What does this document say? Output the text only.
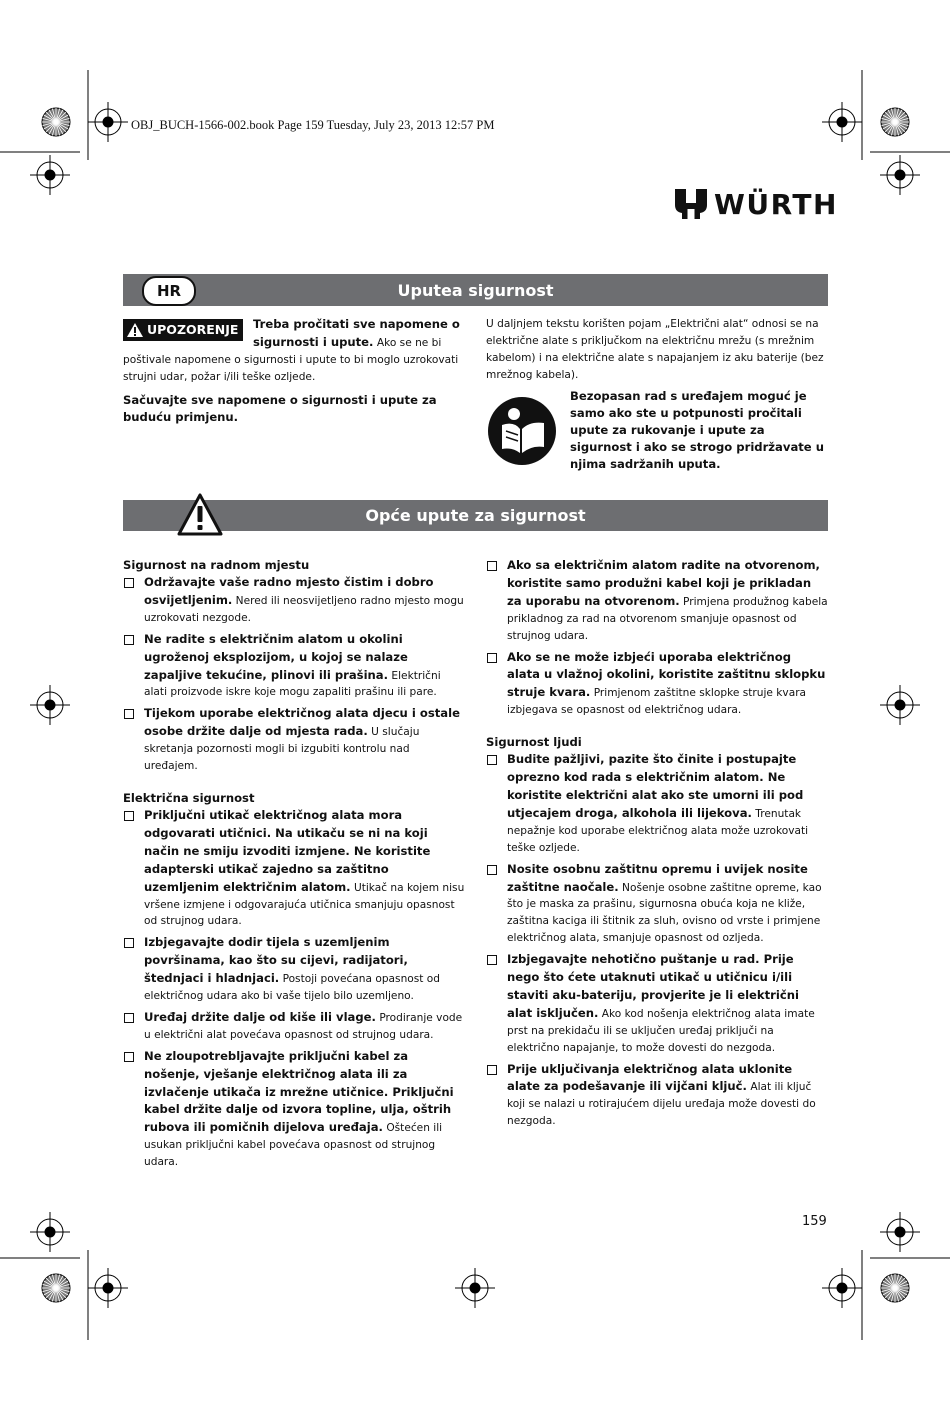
OBJ_BUCH-1566-002.book Page 159 Tuesday, July 23, 2013 12:57 PM
WÜRTH
Uputea sigurnost
HR
UPOZORENJE Treba pročitati sve napomene o sigurnosti i upute. Ako se ne bi poštivale napomene o sigurnosti i upute to bi moglo uzrokovati strujni udar, požar i/ili teške ozljede.
Sačuvajte sve napomene o sigurnosti i upute za buduću primjenu.
U daljnjem tekstu korišten pojam „Električni alat“ odnosi se na električne alate s priključkom na električnu mrežu (s mrežnim kabelom) i na električne alate s napajanjem iz aku baterije (bez mrežnog kabela).
Bezopasan rad s uređajem moguć je samo ako ste u potpunosti pročitali upute za rukovanje i upute za sigurnost i ako se strogo pridržavate u njima sadržanih uputa.
Opće upute za sigurnost
Sigurnost na radnom mjestu
Održavajte vaše radno mjesto čistim i dobro osvijetljenim. Nered ili neosvijetljeno radno mjesto mogu uzrokovati nezgode.
Ne radite s električnim alatom u okolini ugroženoj eksplozijom, u kojoj se nalaze zapaljive tekućine, plinovi ili prašina. Električni alati proizvode iskre koje mogu zapaliti prašinu ili pare.
Tijekom uporabe električnog alata djecu i ostale osobe držite dalje od mjesta rada. U slučaju skretanja pozornosti mogli bi izgubiti kontrolu nad uređajem.
Električna sigurnost
Priključni utikač električnog alata mora odgovarati utičnici. Na utikaču se ni na koji način ne smiju izvoditi izmjene. Ne koristite adapterski utikač zajedno sa zaštitno uzemljenim električnim alatom. Utikač na kojem nisu vršene izmjene i odgovarajuća utičnica smanjuju opasnost od strujnog udara.
Izbjegavajte dodir tijela s uzemljenim površinama, kao što su cijevi, radijatori, štednjaci i hladnjaci. Postoji povećana opasnost od električnog udara ako bi vaše tijelo bilo uzemljeno.
Uređaj držite dalje od kiše ili vlage. Prodiranje vode u električni alat povećava opasnost od strujnog udara.
Ne zloupotrebljavajte priključni kabel za nošenje, vješanje električnog alata ili za izvlačenje utikača iz mrežne utičnice. Priključni kabel držite dalje od izvora topline, ulja, oštrih rubova ili pomičnih dijelova uređaja. Oštećen ili usukan priključni kabel povećava opasnost od strujnog udara.
Ako sa električnim alatom radite na otvorenom, koristite samo produžni kabel koji je prikladan za uporabu na otvorenom. Primjena produžnog kabela prikladnog za rad na otvorenom smanjuje opasnost od strujnog udara.
Ako se ne može izbjeći uporaba električnog alata u vlažnoj okolini, koristite zaštitnu sklopku struje kvara. Primjenom zaštitne sklopke struje kvara izbjegava se opasnost od električnog udara.
Sigurnost ljudi
Budite pažljivi, pazite što činite i postupajte oprezno kod rada s električnim alatom. Ne koristite električni alat ako ste umorni ili pod utjecajem droga, alkohola ili lijekova. Trenutak nepažnje kod uporabe električnog alata može uzrokovati teške ozljede.
Nosite osobnu zaštitnu opremu i uvijek nosite zaštitne naočale. Nošenje osobne zaštitne opreme, kao što je maska za prašinu, sigurnosna obuća koja ne kliže, zaštitna kaciga ili štitnik za sluh, ovisno od vrste i primjene električnog alata, smanjuje opasnost od ozljeda.
Izbjegavajte nehotično puštanje u rad. Prije nego što ćete utaknuti utikač u utičnicu i/ili staviti aku-bateriju, provjerite je li električni alat isključen. Ako kod nošenja električnog alata imate prst na prekidaču ili se uključen uređaj priključi na električno napajanje, to može dovesti do nezgoda.
Prije uključivanja električnog alata uklonite alate za podešavanje ili vijčani ključ. Alat ili ključ koji se nalazi u rotirajućem dijelu uređaja može dovesti do nezgoda.
159
